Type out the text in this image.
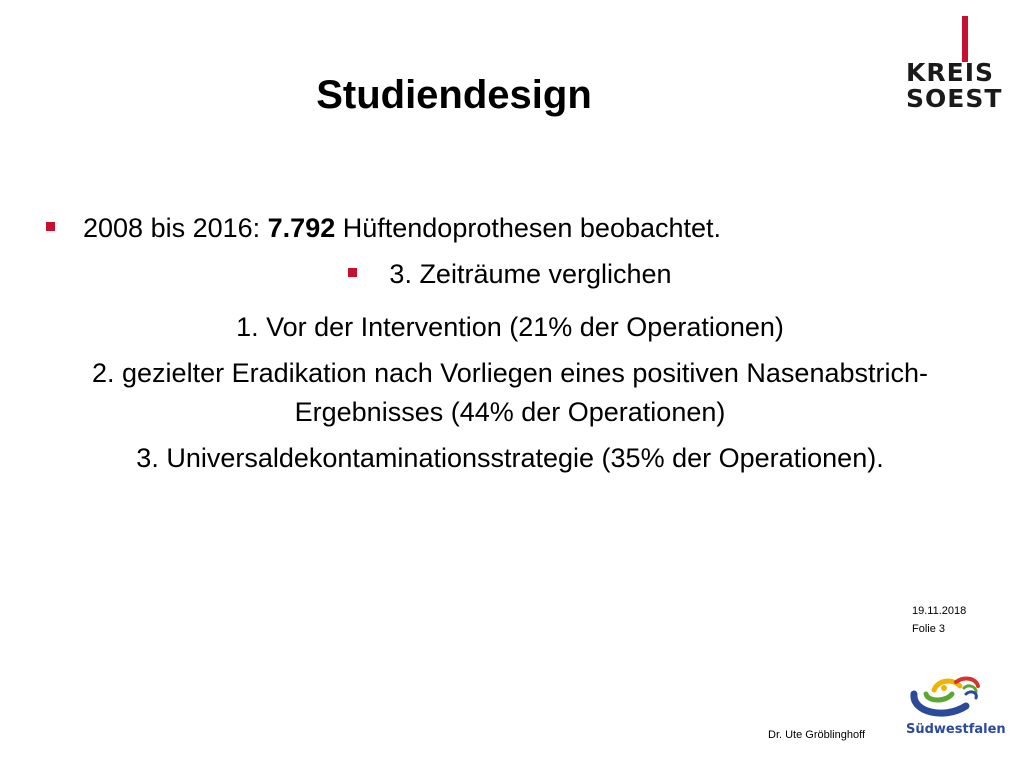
Studiendesign
KREIS
SOEST
2008 bis 2016: 7.792 Hüftendoprothesen beobachtet.
3. Zeiträume verglichen

1. Vor der Intervention (21% der Operationen)

2. gezielter Eradikation nach Vorliegen eines positiven Nasenabstrich-Ergebnisses (44% der Operationen)

3. Universaldekontaminationsstrategie (35% der Operationen).

19.11.2018
Folie 3
Dr. Ute Gröblinghoff	Südwestfalen
